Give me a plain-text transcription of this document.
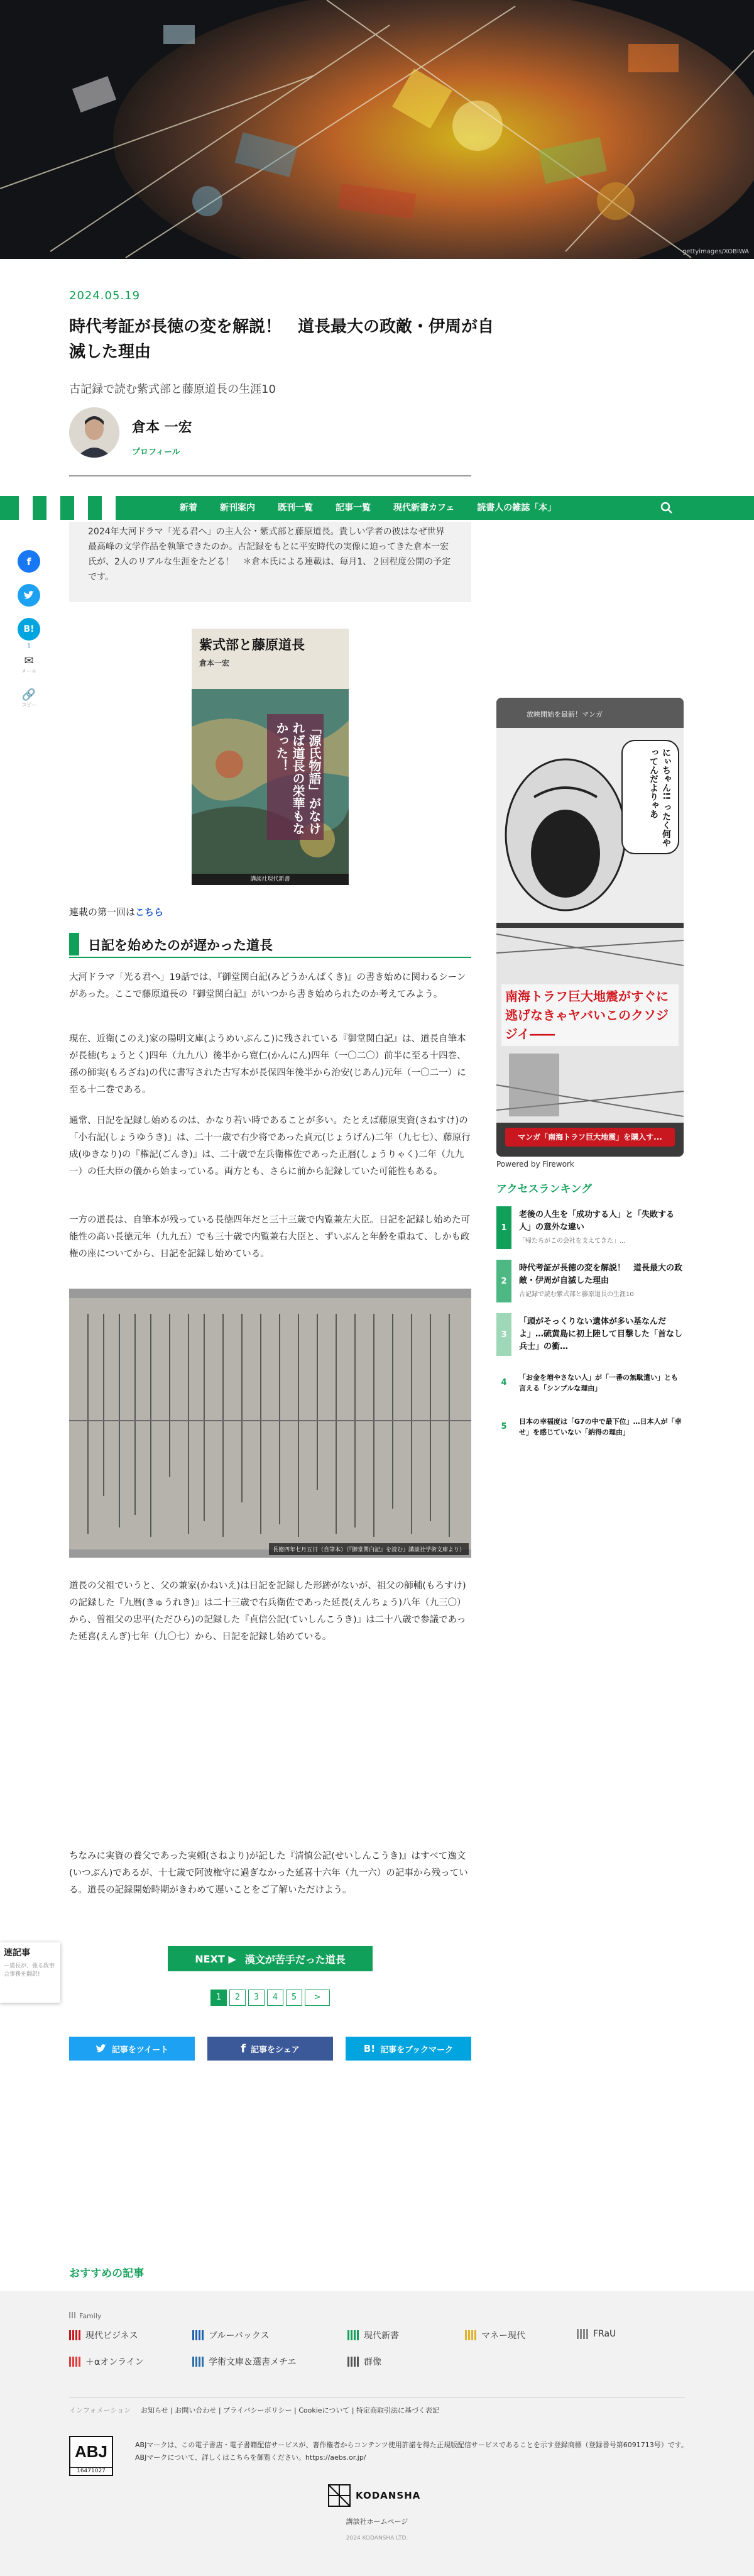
gettyimages/XOBIWA
2024.05.19
時代考証が長徳の変を解説！　道長最大の政敵・伊周が自滅した理由
古記録で読む紫式部と藤原道長の生涯10
倉本 一宏
プロフィール
2024年大河ドラマ「光る君へ」の主人公・紫式部と藤原道長。貴しい学者の彼はなぜ世界最高峰の文学作品を執筆できたのか。古記録をもとに平安時代の実像に迫ってきた倉本一宏氏が、2人のリアルな生涯をたどる！　＊倉本氏による連載は、毎月1、２回程度公開の予定です。
新着	新刊案内	既刊一覧	記事一覧	現代新書カフェ	読書人の雑誌「本」
f
B!
1
✉
メール
🔗
コピー
紫式部と藤原道長
倉本一宏
「源氏物語」がなければ道長の栄華もなかった！
講談社現代新書
連載の第一回はこちら
日記を始めたのが遅かった道長

大河ドラマ「光る君へ」19話では、『御堂関白記(みどうかんぱくき)』の書き始めに関わるシーンがあった。ここで藤原道長の『御堂関白記』がいつから書き始められたのか考えてみよう。

現在、近衛(このえ)家の陽明文庫(ようめいぶんこ)に残されている『御堂関白記』は、道長自筆本が長徳(ちょうとく)四年（九九八）後半から寛仁(かんにん)四年（一〇二〇）前半に至る十四巻、孫の師実(もろざね)の代に書写された古写本が長保四年後半から治安(じあん)元年（一〇二一）に至る十二巻である。

通常、日記を記録し始めるのは、かなり若い時であることが多い。たとえば藤原実資(さねすけ)の「小右記(しょうゆうき)」は、二十一歳で右少将であった貞元(じょうげん)二年（九七七）、藤原行成(ゆきなり)の『権記(ごんき)』は、二十歳で左兵衛権佐であった正暦(しょうりゃく)二年（九九一）の任大臣の儀から始まっている。両方とも、さらに前から記録していた可能性もある。

一方の道長は、自筆本が残っている長徳四年だと三十三歳で内覧兼左大臣。日記を記録し始めた可能性の高い長徳元年（九九五）でも三十歳で内覧兼右大臣と、ずいぶんと年齢を重ねて、しかも政権の座についてから、日記を記録し始めている。

長徳四年七月五日（自筆本）（『御堂関白記』を読む』講談社学術文庫より）

道長の父祖でいうと、父の兼家(かねいえ)は日記を記録した形跡がないが、祖父の師輔(もろすけ)の記録した『九暦(きゅうれき)』は二十三歳で右兵衛佐であった延長(えんちょう)八年（九三〇）から、曽祖父の忠平(ただひら)の記録した『貞信公記(ていしんこうき)』は二十八歳で参議であった延喜(えんぎ)七年（九〇七）から、日記を記録し始めている。

ちなみに実資の養父であった実頼(さねより)が記した『清慎公記(せいしんこうき)』はすべて逸文(いつぶん)であるが、十七歳で阿波権守に過ぎなかった延喜十六年（九一六）の記事から残っている。道長の記録開始時期がきわめて遅いことをご了解いただけよう。

連記事
ー道長が、強る政事会事務を翻訳!
NEXT ▶ 漢文が苦手だった道長
1	2	3	4	5	>
記事をツイート	f 記事をシェア	B! 記事をブックマーク
放映開始を最新！マンガ
にぃちゃん!! ったく何やってんだよりゃあ
南海トラフ巨大地震がすぐに逃げなきゃヤバいこのクソジジイ――
マンガ「南海トラフ巨大地震」を購入す...
Powered by Firework
アクセスランキング
1
老後の人生を「成功する人」と「失敗する人」の意外な違い
「帰たちがこの会社を支えてきた」...
2
時代考証が長徳の変を解説！　道長最大の政敵・伊周が自滅した理由
古記録で読む紫式部と藤原道長の生涯10
3
「頭がそっくりない遺体が多い基なんだよ」…硫黄島に初上陸して目撃した「首なし兵士」の衝…
4	「お金を増やさない人」が「一番の無駄遣い」とも言える「シンプルな理由」
5	日本の幸福度は「G7の中で最下位」…日本人が「幸せ」を感じていない「納得の理由」
おすすめの記事
Family
現代ビジネス	ブルーバックス	現代新書	マネー現代	FRaU
＋αオンライン	学術文庫＆選書メチエ	群像
インフォメーション お知らせ | お問い合わせ | プライバシーポリシー | Cookieについて | 特定商取引法に基づく表記
ABJ
16471027
ABJマークは、この電子書店・電子書籍配信サービスが、著作権者からコンテンツ使用許諾を得た正規版配信サービスであることを示す登録商標（登録番号第6091713号）です。ABJマークについて、詳しくはこちらを御覧ください。https://aebs.or.jp/
KODANSHA
講談社ホームページ
2024 KODANSHA LTD.
